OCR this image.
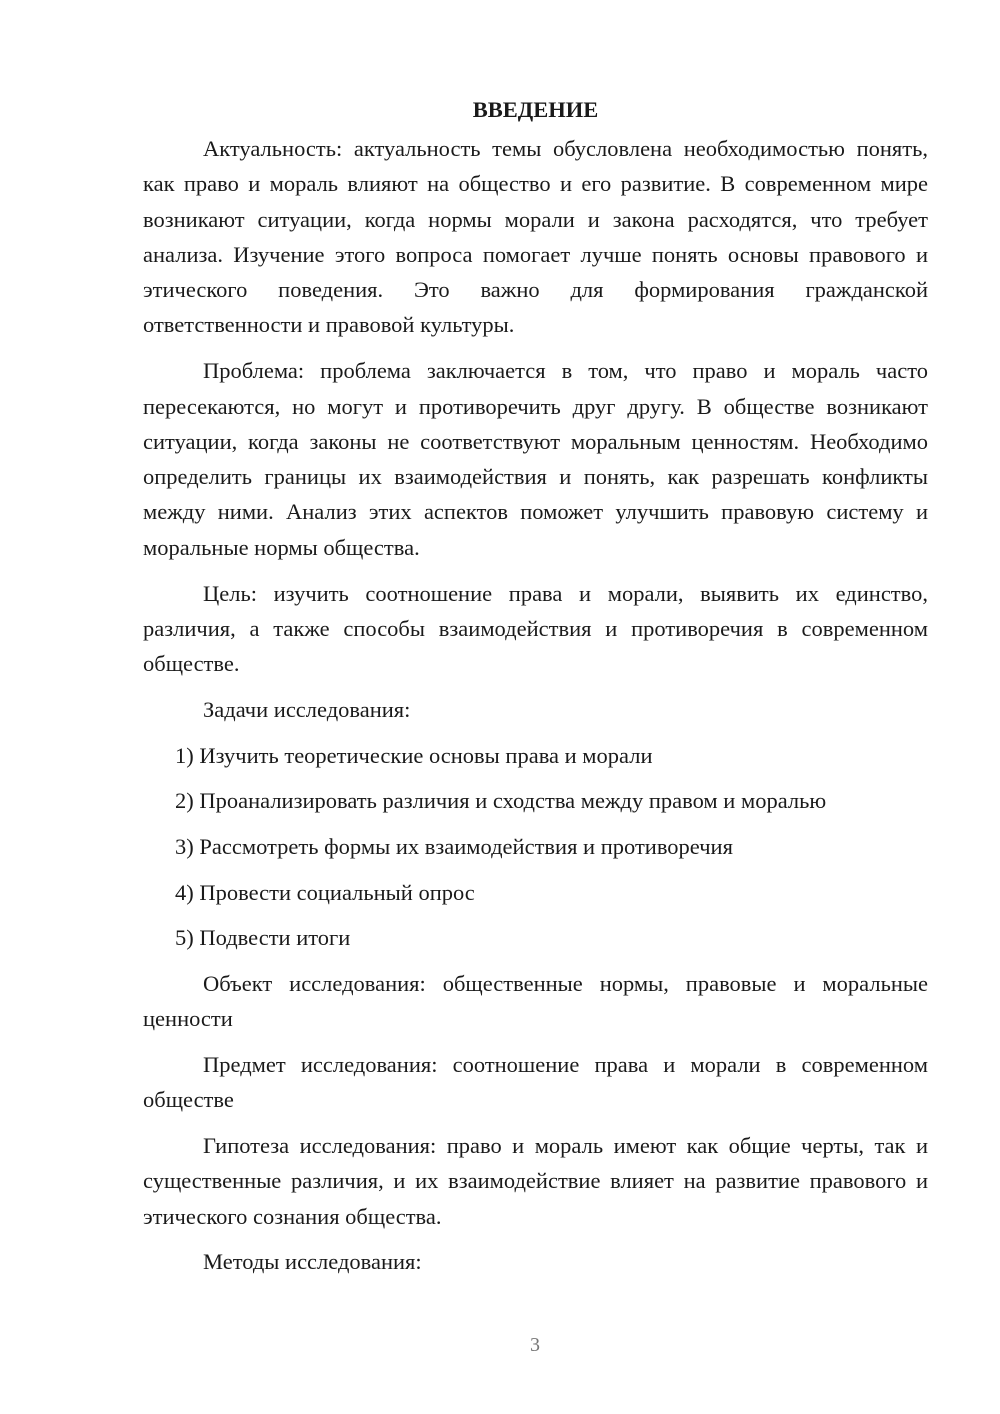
ВВЕДЕНИЕ

Актуальность: актуальность темы обусловлена необходимостью понять, как право и мораль влияют на общество и его развитие. В современном мире возникают ситуации, когда нормы морали и закона расходятся, что требует анализа. Изучение этого вопроса помогает лучше понять основы правового и этического поведения. Это важно для формирования гражданской ответственности и правовой культуры.

Проблема: проблема заключается в том, что право и мораль часто пересекаются, но могут и противоречить друг другу. В обществе возникают ситуации, когда законы не соответствуют моральным ценностям. Необходимо определить границы их взаимодействия и понять, как разрешать конфликты между ними. Анализ этих аспектов поможет улучшить правовую систему и моральные нормы общества.

Цель: изучить соотношение права и морали, выявить их единство, различия, а также способы взаимодействия и противоречия в современном обществе.

Задачи исследования:

1) Изучить теоретические основы права и морали
2) Проанализировать различия и сходства между правом и моралью
3) Рассмотреть формы их взаимодействия и противоречия
4) Провести социальный опрос
5) Подвести итоги

Объект исследования: общественные нормы, правовые и моральные ценности

Предмет исследования: соотношение права и морали в современном обществе

Гипотеза исследования: право и мораль имеют как общие черты, так и существенные различия, и их взаимодействие влияет на развитие правового и этического сознания общества.

Методы исследования:

3
